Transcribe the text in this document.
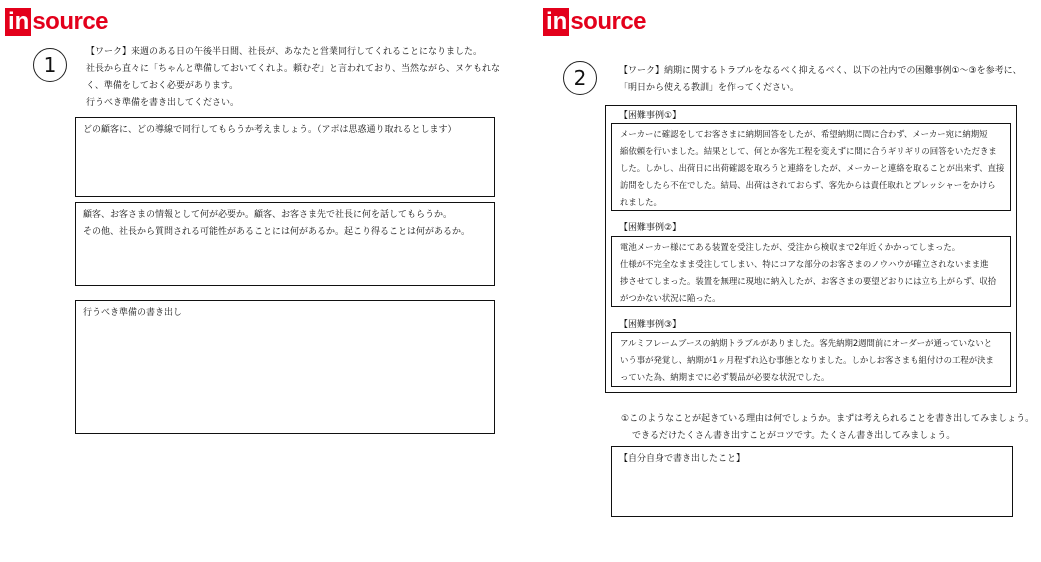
in source
1
【ワーク】来週のある日の午後半日間、社長が、あなたと営業同行してくれることになりました。
社長から直々に「ちゃんと準備しておいてくれよ。頼むぞ」と言われており、当然ながら、ヌケもれな
く、準備をしておく必要があります。
行うべき準備を書き出してください。
どの顧客に、どの導線で同行してもらうか考えましょう。（アポは思惑通り取れるとします）
顧客、お客さまの情報として何が必要か。顧客、お客さま先で社長に何を話してもらうか。
その他、社長から質問される可能性があることには何があるか。起こり得ることは何があるか。
行うべき準備の書き出し
in source
2	【ワーク】納期に関するトラブルをなるべく抑えるべく、以下の社内での困難事例①～③を参考に、
「明日から使える教訓」を作ってください。
【困難事例①】

メーカーに確認をしてお客さまに納期回答をしたが、希望納期に間に合わず、メーカー宛に納期短

縮依頼を行いました。結果として、何とか客先工程を変えずに間に合うギリギリの回答をいただきま

した。しかし、出荷日に出荷確認を取ろうと連絡をしたが、メーカーと連絡を取ることが出来ず、直接

訪問をしたら不在でした。結局、出荷はされておらず、客先からは責任取れとプレッシャーをかけら

れました。

【困難事例②】

電池メーカー様にてある装置を受注したが、受注から検収まで2年近くかかってしまった。

仕様が不完全なまま受注してしまい、特にコアな部分のお客さまのノウハウが確立されないまま進

捗させてしまった。装置を無理に現地に納入したが、お客さまの要望どおりには立ち上がらず、収拾

がつかない状況に陥った。

【困難事例③】

アルミフレームブースの納期トラブルがありました。客先納期2週間前にオーダーが通っていないと

いう事が発覚し、納期が1ヶ月程ずれ込む事態となりました。しかしお客さまも組付けの工程が決ま

っていた為、納期までに必ず製品が必要な状況でした。

①このようなことが起きている理由は何でしょうか。まずは考えられることを書き出してみましょう。
できるだけたくさん書き出すことがコツです。たくさん書き出してみましょう。
【自分自身で書き出したこと】
